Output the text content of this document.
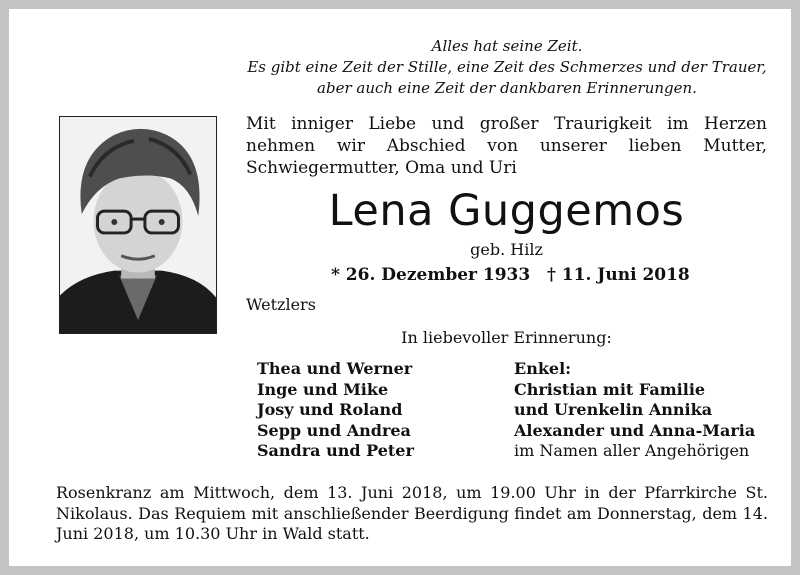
Alles hat seine Zeit.
Es gibt eine Zeit der Stille, eine Zeit des Schmerzes und der Trauer,
aber auch eine Zeit der dankbaren Erinnerungen.

Mit inniger Liebe und großer Traurigkeit im Herzen nehmen wir Abschied von unserer lieben Mutter, Schwiegermutter, Oma und Uri

Lena Guggemos
geb. Hilz
* 26. Dezember 1933 † 11. Juni 2018
Wetzlers
In liebevoller Erinnerung:
Thea und Werner
Inge und Mike
Josy und Roland
Sepp und Andrea
Sandra und Peter
Enkel:
Christian mit Familie
und Urenkelin Annika
Alexander und Anna-Maria
im Namen aller Angehörigen

Rosenkranz am Mittwoch, dem 13. Juni 2018, um 19.00 Uhr in der Pfarrkirche St. Nikolaus. Das Requiem mit anschließender Beerdigung findet am Donnerstag, dem 14. Juni 2018, um 10.30 Uhr in Wald statt.
